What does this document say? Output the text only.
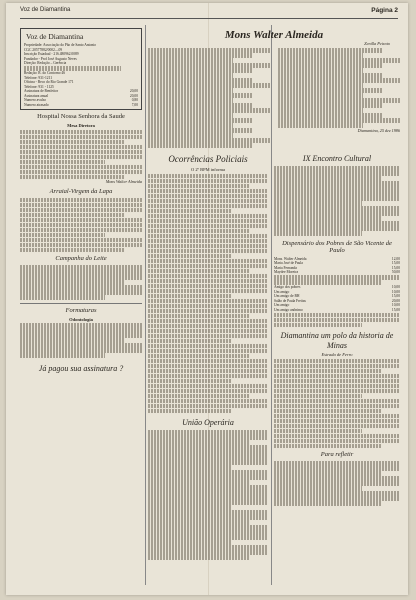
Voz de Diamantina	Página 2
Voz de Diamantina
Propriedade: Associação do Pão de Santo Antonio
CGC 20577882/0002—09
Inscrição Estadual - 216.480962.0089
Fundador - Prof José Augusto Neves
Direção: Redação – Gerência
Redação: R. do Contorno 46
Telefone: 931-1211
Oficina - Beco do Rio Grande 171
Telefone: 931 - 1125
Assinatura de Benfeitor	20,00
Assinatura anual	20,00
Numero avulso	0,80
Numero atrasado	7,00
Hospital Nossa Senhora da Saude
Mesa Diretora
Mons Walter Almeida
Arraial-Virgem da Lapa
Campanha do Leite
Formaturas
Odontologia
Já pagou sua assinatura ?
Ocorrências Policiais
O 2º BPM informa
União Operária
Mons Walter Almeida
Zenilla Peixoto
Diamantina, 25 dez 1986
IX Encontro Cultural
Dispensário dos Pobres de São Vicente de Paulo
Mons. Walter Almeida	12,00
Maria José de Paula	15,00
Maria Fernanda	15,00
Maydee Moreira	50,00
Amigo dos pobres	10,00
Um amigo	10,00
Um amigo de BH	15,00
Salão de Paula Freitas	20,00
Um amigo	10,00
Um amigo anônimo	15,00
Diamantina um polo da historia de Minas
Estrada de Ferro
Para refletir
